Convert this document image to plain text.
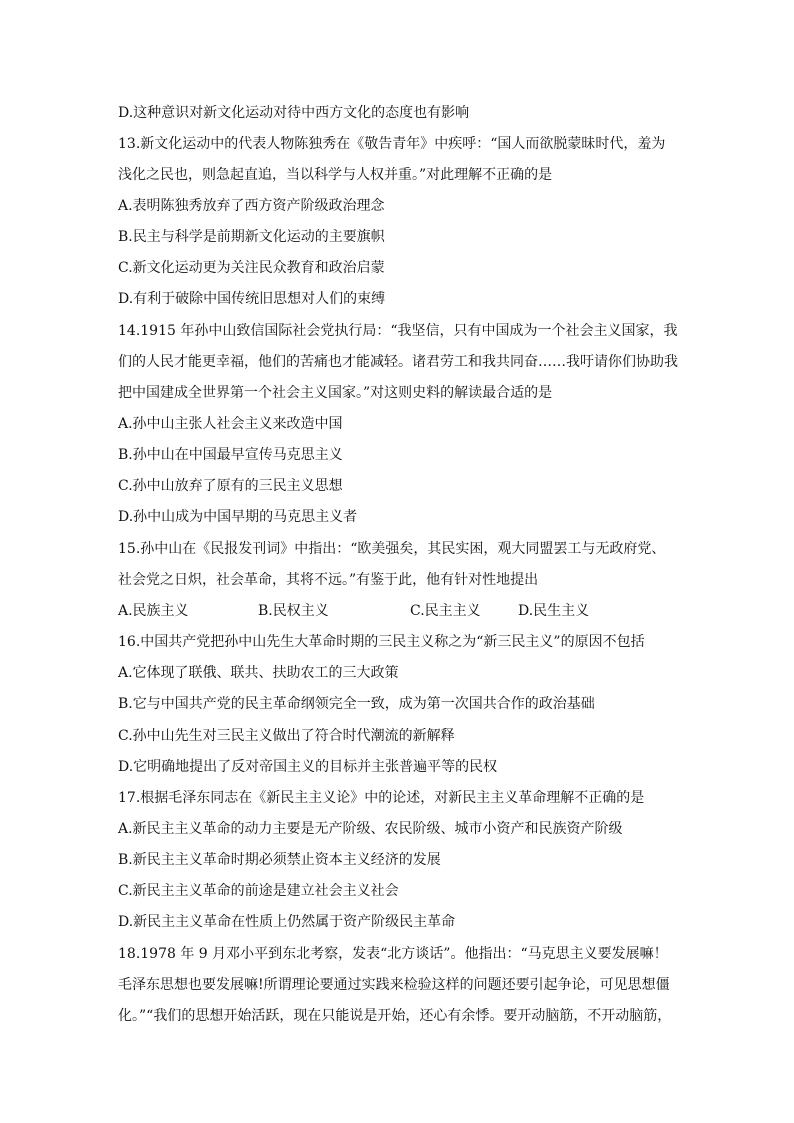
D.这种意识对新文化运动对待中西方文化的态度也有影响
13.新文化运动中的代表人物陈独秀在《敬告青年》中疾呼：“国人而欲脱蒙昧时代，羞为
浅化之民也，则急起直追，当以科学与人权并重。”对此理解不正确的是
A.表明陈独秀放弃了西方资产阶级政治理念
B.民主与科学是前期新文化运动的主要旗帜
C.新文化运动更为关注民众教育和政治启蒙
D.有利于破除中国传统旧思想对人们的束缚
14.1915 年孙中山致信国际社会党执行局：“我坚信，只有中国成为一个社会主义国家，我
们的人民才能更幸福，他们的苦痛也才能减轻。诸君劳工和我共同奋……我吁请你们协助我
把中国建成全世界第一个社会主义国家。”对这则史料的解读最合适的是
A.孙中山主张人社会主义来改造中国
B.孙中山在中国最早宣传马克思主义
C.孙中山放弃了原有的三民主义思想
D.孙中山成为中国早期的马克思主义者
15.孙中山在《民报发刊词》中指出：“欧美强矣，其民实困，观大同盟罢工与无政府党、
社会党之日炽，社会革命，其将不远。”有鉴于此，他有针对性地提出
A.民族主义	B.民权主义	C.民主主义	D.民生主义
16.中国共产党把孙中山先生大革命时期的三民主义称之为“新三民主义”的原因不包括
A.它体现了联俄、联共、扶助农工的三大政策
B.它与中国共产党的民主革命纲领完全一致，成为第一次国共合作的政治基础
C.孙中山先生对三民主义做出了符合时代潮流的新解释
D.它明确地提出了反对帝国主义的目标并主张普遍平等的民权
17.根据毛泽东同志在《新民主主义论》中的论述，对新民主主义革命理解不正确的是
A.新民主主义革命的动力主要是无产阶级、农民阶级、城市小资产和民族资产阶级
B.新民主主义革命时期必须禁止资本主义经济的发展
C.新民主主义革命的前途是建立社会主义社会
D.新民主主义革命在性质上仍然属于资产阶级民主革命
18.1978 年 9 月邓小平到东北考察，发表“北方谈话”。他指出：“马克思主义要发展嘛！
毛泽东思想也要发展嘛!所谓理论要通过实践来检验这样的问题还要引起争论，可见思想僵
化。”“我们的思想开始活跃，现在只能说是开始，还心有余悸。要开动脑筋，不开动脑筋，
